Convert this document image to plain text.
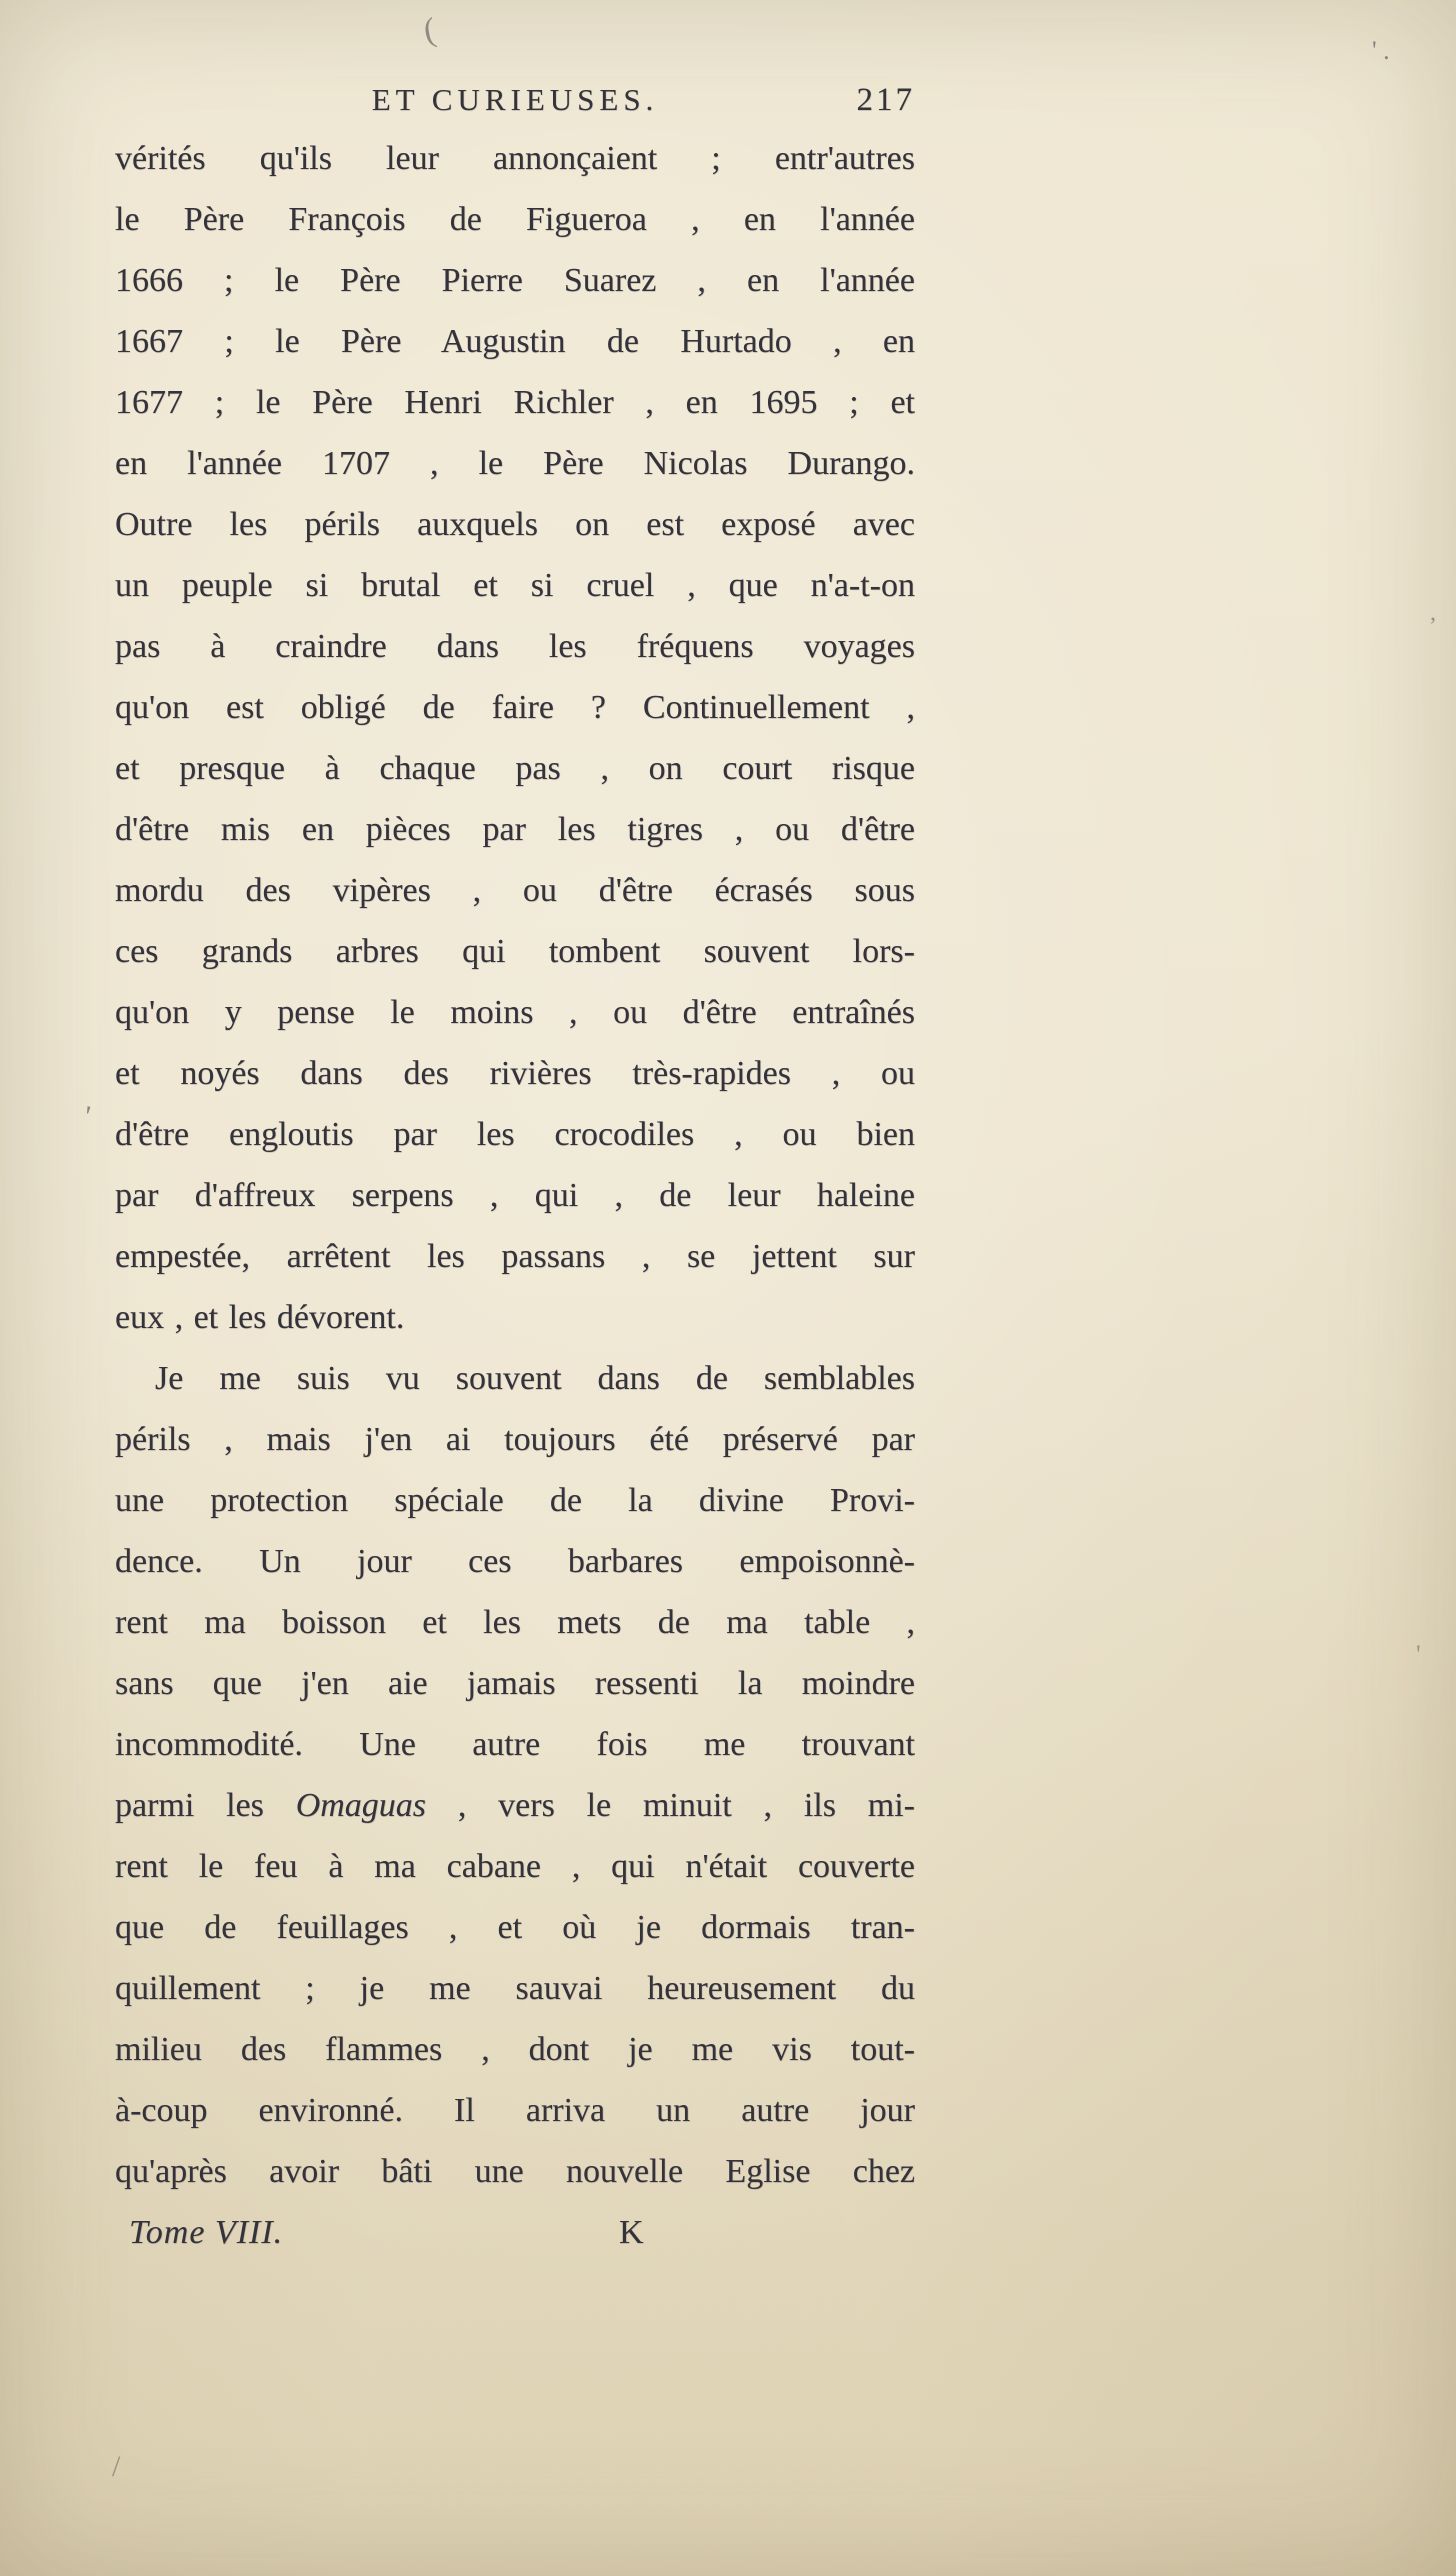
(
' .
,
'
'
/
ET CURIEUSES.	217
vérités qu'ils leur annonçaient ; entr'autres
le Père François de Figueroa , en l'année
1666 ; le Père Pierre Suarez , en l'année
1667 ; le Père Augustin de Hurtado , en
1677 ; le Père Henri Richler , en 1695 ; et
en l'année 1707 , le Père Nicolas Durango.
Outre les périls auxquels on est exposé avec
un peuple si brutal et si cruel , que n'a-t-on
pas à craindre dans les fréquens voyages
qu'on est obligé de faire ? Continuellement ,
et presque à chaque pas , on court risque
d'être mis en pièces par les tigres , ou d'être
mordu des vipères , ou d'être écrasés sous
ces grands arbres qui tombent souvent lors-
qu'on y pense le moins , ou d'être entraînés
et noyés dans des rivières très-rapides , ou
d'être engloutis par les crocodiles , ou bien
par d'affreux serpens , qui , de leur haleine
empestée, arrêtent les passans , se jettent sur
eux , et les dévorent.
Je me suis vu souvent dans de semblables
périls , mais j'en ai toujours été préservé par
une protection spéciale de la divine Provi-
dence. Un jour ces barbares empoisonnè-
rent ma boisson et les mets de ma table ,
sans que j'en aie jamais ressenti la moindre
incommodité. Une autre fois me trouvant
parmi les Omaguas , vers le minuit , ils mi-
rent le feu à ma cabane , qui n'était couverte
que de feuillages , et où je dormais tran-
quillement ; je me sauvai heureusement du
milieu des flammes , dont je me vis tout-
à-coup environné. Il arriva un autre jour
qu'après avoir bâti une nouvelle Eglise chez
Tome VIII.	K
